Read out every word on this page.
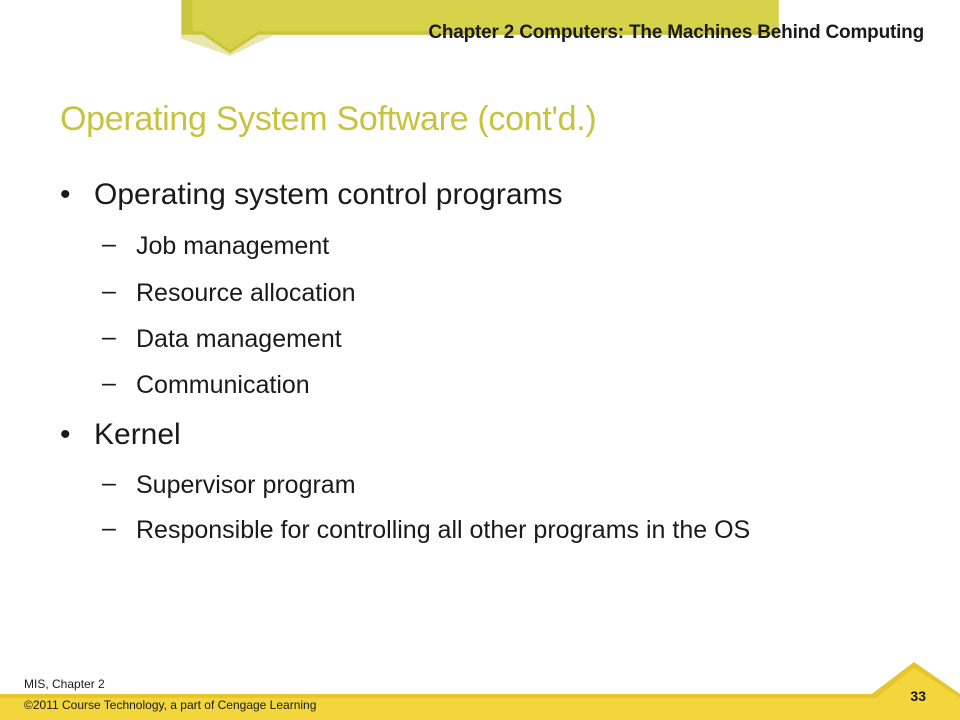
Chapter 2 Computers: The Machines Behind Computing
Operating System Software (cont'd.)
• Operating system control programs
– Job management
– Resource allocation
– Data management
– Communication
• Kernel
– Supervisor program
– Responsible for controlling all other programs in the OS
MIS, Chapter 2
©2011 Course Technology, a part of Cengage Learning
33
